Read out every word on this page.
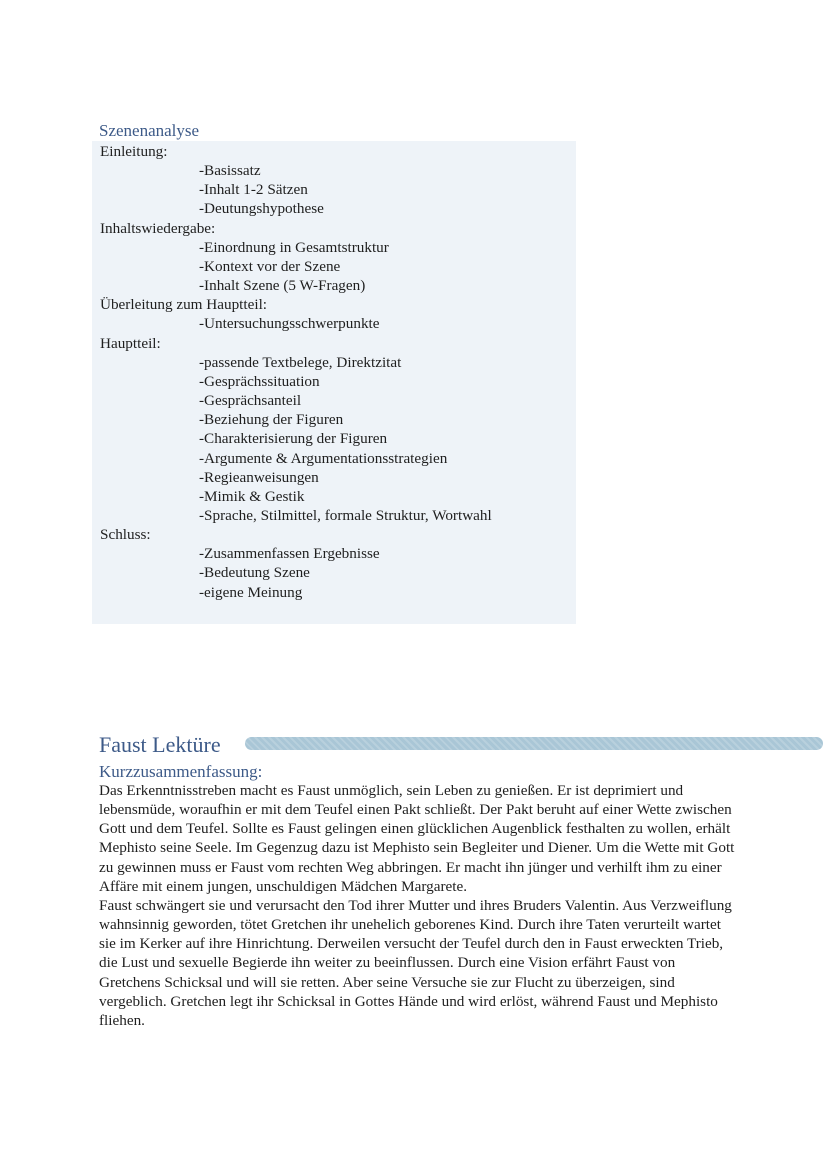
Szenenanalyse
Einleitung:
-Basissatz
-Inhalt 1-2 Sätzen
-Deutungshypothese
Inhaltswiedergabe:
-Einordnung in Gesamtstruktur
-Kontext vor der Szene
-Inhalt Szene (5 W-Fragen)
Überleitung zum Hauptteil:
-Untersuchungsschwerpunkte
Hauptteil:
-passende Textbelege, Direktzitat
-Gesprächssituation
-Gesprächsanteil
-Beziehung der Figuren
-Charakterisierung der Figuren
-Argumente & Argumentationsstrategien
-Regieanweisungen
-Mimik & Gestik
-Sprache, Stilmittel, formale Struktur, Wortwahl
Schluss:
-Zusammenfassen Ergebnisse
-Bedeutung Szene
-eigene Meinung
Faust Lektüre
Kurzzusammenfassung:

Das Erkenntnisstreben macht es Faust unmöglich, sein Leben zu genießen. Er ist deprimiert und lebensmüde, woraufhin er mit dem Teufel einen Pakt schließt. Der Pakt beruht auf einer Wette zwischen Gott und dem Teufel. Sollte es Faust gelingen einen glücklichen Augenblick festhalten zu wollen, erhält Mephisto seine Seele. Im Gegenzug dazu ist Mephisto sein Begleiter und Diener. Um die Wette mit Gott zu gewinnen muss er Faust vom rechten Weg abbringen. Er macht ihn jünger und verhilft ihm zu einer Affäre mit einem jungen, unschuldigen Mädchen Margarete.

Faust schwängert sie und verursacht den Tod ihrer Mutter und ihres Bruders Valentin. Aus Verzweiflung wahnsinnig geworden, tötet Gretchen ihr unehelich geborenes Kind. Durch ihre Taten verurteilt wartet sie im Kerker auf ihre Hinrichtung. Derweilen versucht der Teufel durch den in Faust erweckten Trieb, die Lust und sexuelle Begierde ihn weiter zu beeinflussen. Durch eine Vision erfährt Faust von Gretchens Schicksal und will sie retten. Aber seine Versuche sie zur Flucht zu überzeigen, sind vergeblich. Gretchen legt ihr Schicksal in Gottes Hände und wird erlöst, während Faust und Mephisto fliehen.
